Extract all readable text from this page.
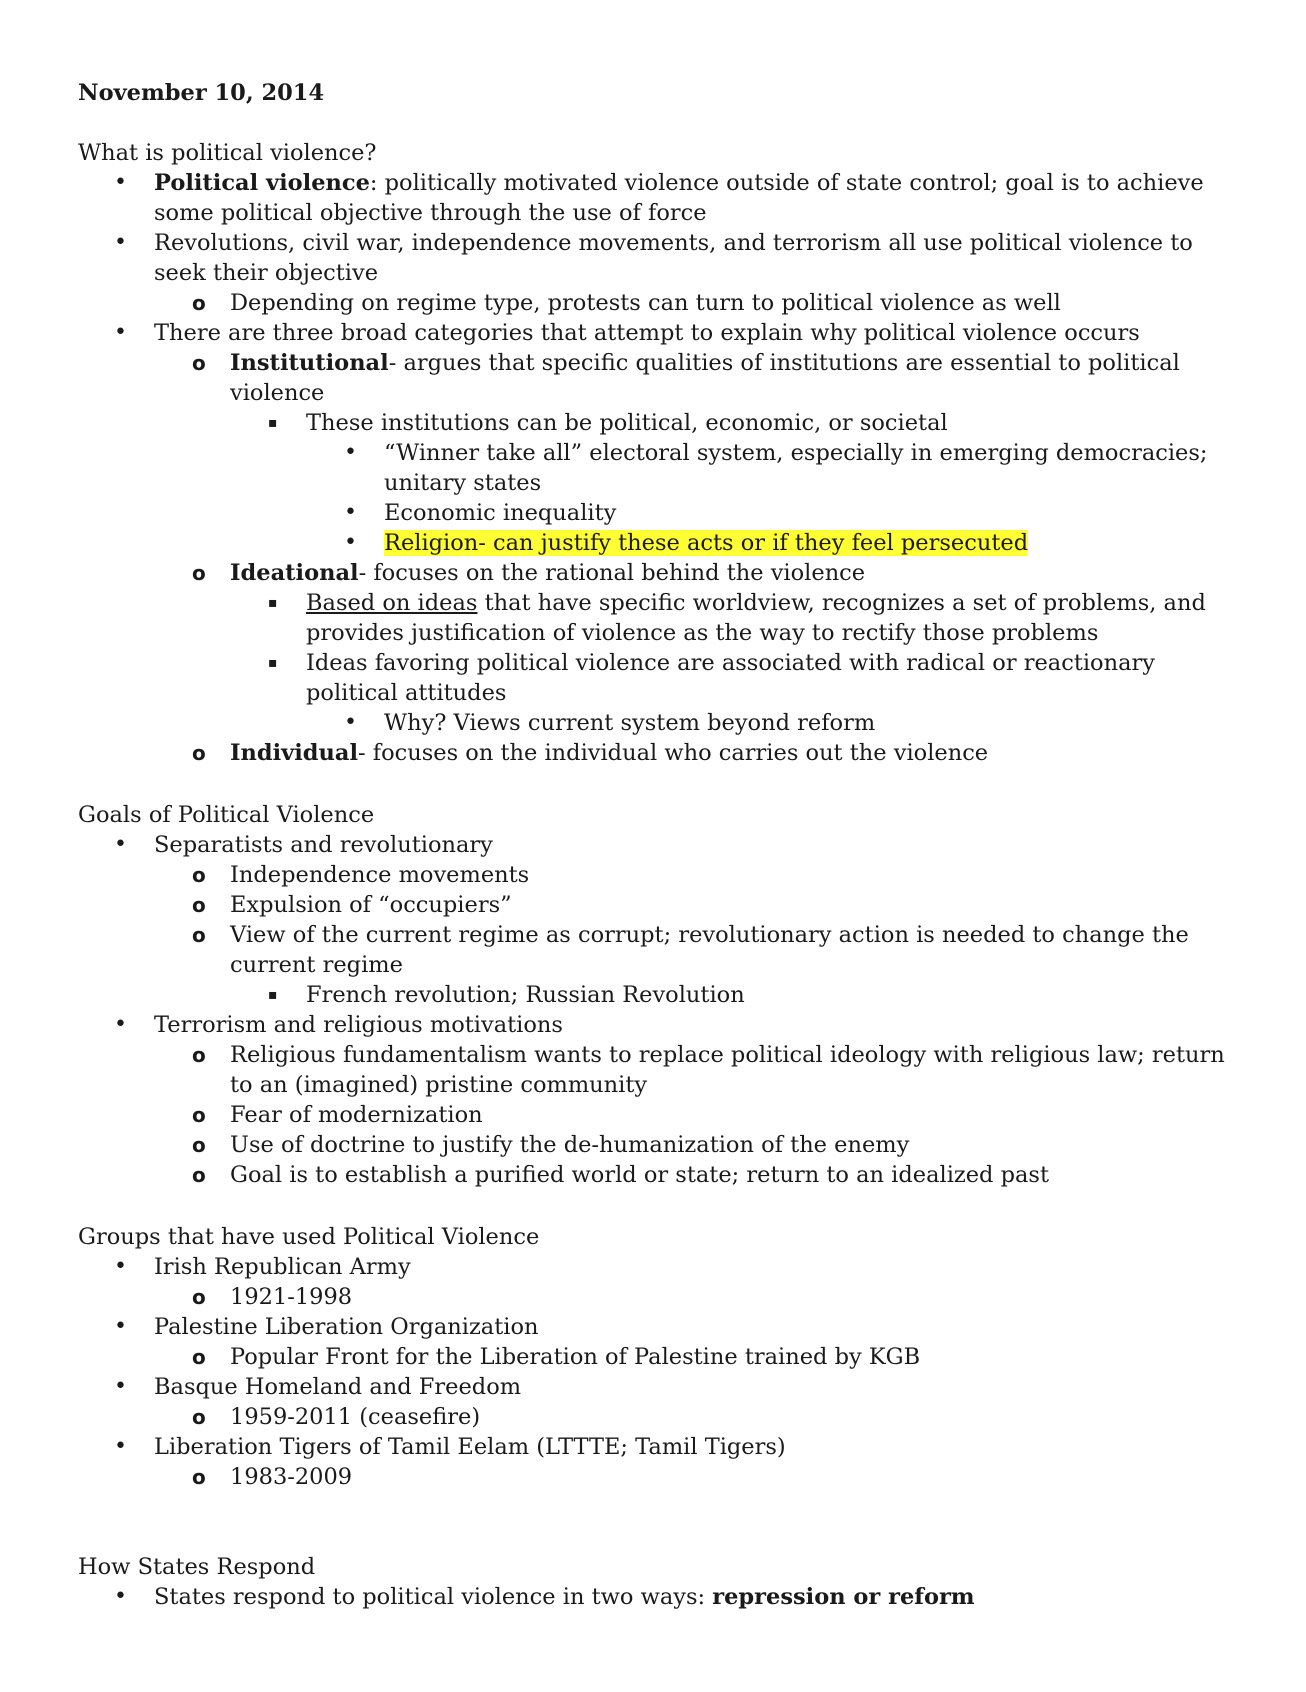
November 10, 2014

What is political violence?

• Political violence: politically motivated violence outside of state control; goal is to achieve some political objective through the use of force
• Revolutions, civil war, independence movements, and terrorism all use political violence to seek their objective
o Depending on regime type, protests can turn to political violence as well
• There are three broad categories that attempt to explain why political violence occurs
o Institutional- argues that specific qualities of institutions are essential to political violence
▪ These institutions can be political, economic, or societal
• “Winner take all” electoral system, especially in emerging democracies; unitary states
• Economic inequality
• Religion- can justify these acts or if they feel persecuted
o Ideational- focuses on the rational behind the violence
▪ Based on ideas that have specific worldview, recognizes a set of problems, and provides justification of violence as the way to rectify those problems
▪ Ideas favoring political violence are associated with radical or reactionary political attitudes
• Why? Views current system beyond reform
o Individual- focuses on the individual who carries out the violence

Goals of Political Violence

• Separatists and revolutionary
o Independence movements
o Expulsion of “occupiers”
o View of the current regime as corrupt; revolutionary action is needed to change the current regime
▪ French revolution; Russian Revolution
• Terrorism and religious motivations
o Religious fundamentalism wants to replace political ideology with religious law; return to an (imagined) pristine community
o Fear of modernization
o Use of doctrine to justify the de-humanization of the enemy
o Goal is to establish a purified world or state; return to an idealized past

Groups that have used Political Violence

• Irish Republican Army
o 1921-1998
• Palestine Liberation Organization
o Popular Front for the Liberation of Palestine trained by KGB
• Basque Homeland and Freedom
o 1959-2011 (ceasefire)
• Liberation Tigers of Tamil Eelam (LTTTE; Tamil Tigers)
o 1983-2009

How States Respond

• States respond to political violence in two ways: repression or reform
